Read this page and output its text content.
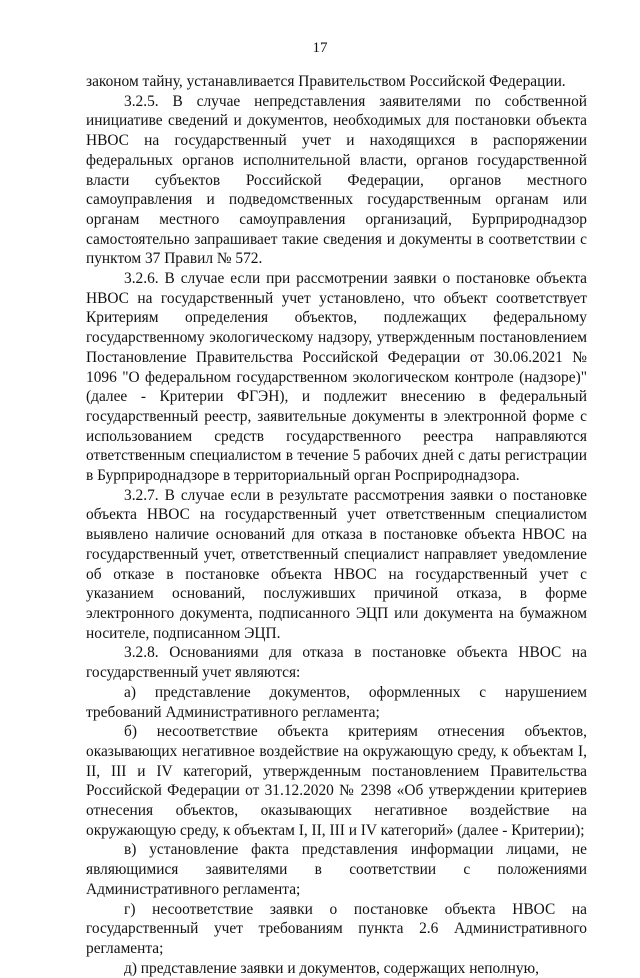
17

законом тайну, устанавливается Правительством Российской Федерации.

3.2.5. В случае непредставления заявителями по собственной инициативе сведений и документов, необходимых для постановки объекта НВОС на государственный учет и находящихся в распоряжении федеральных органов исполнительной власти, органов государственной власти субъектов Российской Федерации, органов местного самоуправления и подведомственных государственным органам или органам местного самоуправления организаций, Бурприроднадзор самостоятельно запрашивает такие сведения и документы в соответствии с пунктом 37 Правил № 572.

3.2.6. В случае если при рассмотрении заявки о постановке объекта НВОС на государственный учет установлено, что объект соответствует Критериям определения объектов, подлежащих федеральному государственному экологическому надзору, утвержденным постановлением Постановление Правительства Российской Федерации от 30.06.2021 № 1096 "О федеральном государственном экологическом контроле (надзоре)" (далее - Критерии ФГЭН), и подлежит внесению в федеральный государственный реестр, заявительные документы в электронной форме с использованием средств государственного реестра направляются ответственным специалистом в течение 5 рабочих дней с даты регистрации в Бурприроднадзоре в территориальный орган Росприроднадзора.

3.2.7. В случае если в результате рассмотрения заявки о постановке объекта НВОС на государственный учет ответственным специалистом выявлено наличие оснований для отказа в постановке объекта НВОС на государственный учет, ответственный специалист направляет уведомление об отказе в постановке объекта НВОС на государственный учет с указанием оснований, послуживших причиной отказа, в форме электронного документа, подписанного ЭЦП или документа на бумажном носителе, подписанном ЭЦП.

3.2.8. Основаниями для отказа в постановке объекта НВОС на государственный учет являются:

а) представление документов, оформленных с нарушением требований Административного регламента;

б) несоответствие объекта критериям отнесения объектов, оказывающих негативное воздействие на окружающую среду, к объектам I, II, III и IV категорий, утвержденным постановлением Правительства Российской Федерации от 31.12.2020 № 2398 «Об утверждении критериев отнесения объектов, оказывающих негативное воздействие на окружающую среду, к объектам I, II, III и IV категорий» (далее - Критерии);

в) установление факта представления информации лицами, не являющимися заявителями в соответствии с положениями Административного регламента;

г) несоответствие заявки о постановке объекта НВОС на государственный учет требованиям пункта 2.6 Административного регламента;

д) представление заявки и документов, содержащих неполную,
